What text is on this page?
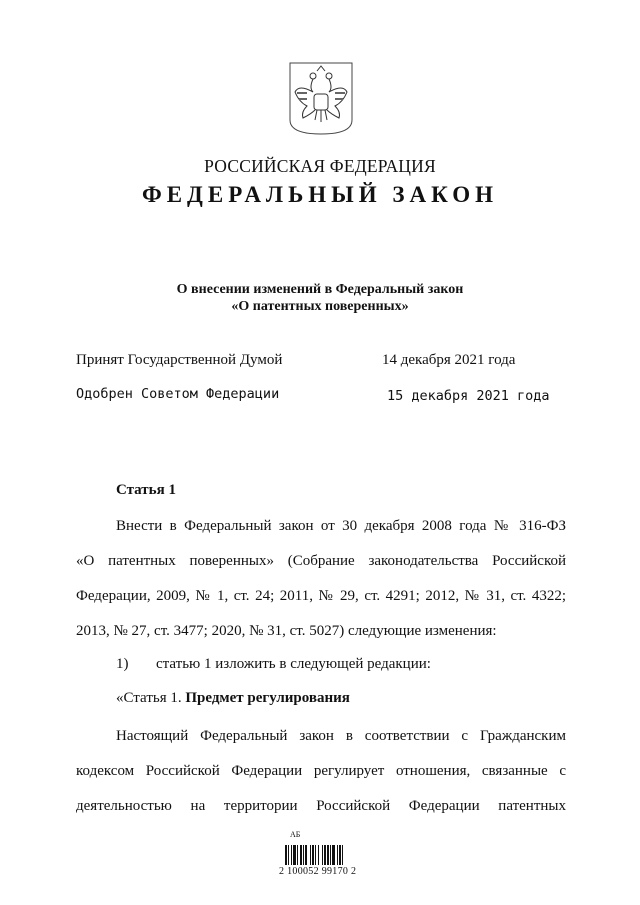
РОССИЙСКАЯ ФЕДЕРАЦИЯ
ФЕДЕРАЛЬНЫЙ ЗАКОН
О внесении изменений в Федеральный закон
«О патентных поверенных»
Принят Государственной Думой	14 декабря 2021 года
Одобрен Советом Федерации	15 декабря 2021 года
Статья 1
Внести в Федеральный закон от 30 декабря 2008 года № 316-ФЗ
«О патентных поверенных» (Собрание законодательства Российской
Федерации, 2009, № 1, ст. 24; 2011, № 29, ст. 4291; 2012, № 31, ст. 4322;
2013, № 27, ст. 3477; 2020, № 31, ст. 5027) следующие изменения:
1) статью 1 изложить в следующей редакции:
«Статья 1. Предмет регулирования
Настоящий Федеральный закон в соответствии с Гражданским
кодексом Российской Федерации регулирует отношения, связанные с
деятельностью на территории Российской Федерации патентных
АБ
2 100052 99170 2
